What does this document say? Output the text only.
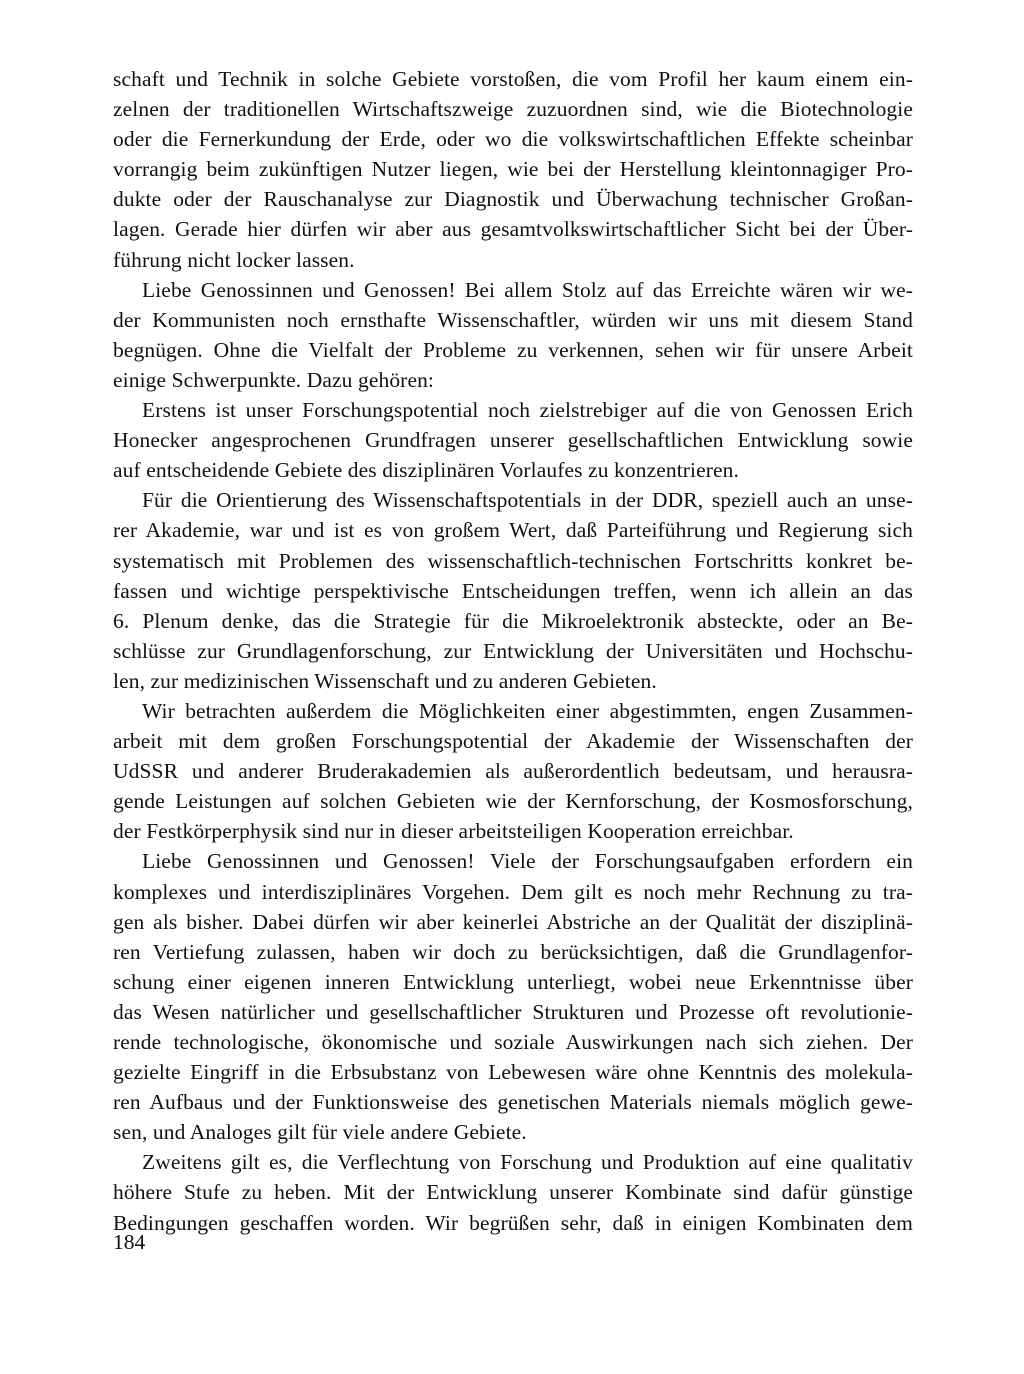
schaft und Technik in solche Gebiete vorstoßen, die vom Profil her kaum einem ein-
zelnen der traditionellen Wirtschaftszweige zuzuordnen sind, wie die Biotechnologie
oder die Fernerkundung der Erde, oder wo die volkswirtschaftlichen Effekte scheinbar
vorrangig beim zukünftigen Nutzer liegen, wie bei der Herstellung kleintonnagiger Pro-
dukte oder der Rauschanalyse zur Diagnostik und Überwachung technischer Großan-
lagen. Gerade hier dürfen wir aber aus gesamtvolkswirtschaftlicher Sicht bei der Über-
führung nicht locker lassen.
Liebe Genossinnen und Genossen! Bei allem Stolz auf das Erreichte wären wir we-
der Kommunisten noch ernsthafte Wissenschaftler, würden wir uns mit diesem Stand
begnügen. Ohne die Vielfalt der Probleme zu verkennen, sehen wir für unsere Arbeit
einige Schwerpunkte. Dazu gehören:
Erstens ist unser Forschungspotential noch zielstrebiger auf die von Genossen Erich
Honecker angesprochenen Grundfragen unserer gesellschaftlichen Entwicklung sowie
auf entscheidende Gebiete des disziplinären Vorlaufes zu konzentrieren.
Für die Orientierung des Wissenschaftspotentials in der DDR, speziell auch an unse-
rer Akademie, war und ist es von großem Wert, daß Parteiführung und Regierung sich
systematisch mit Problemen des wissenschaftlich-technischen Fortschritts konkret be-
fassen und wichtige perspektivische Entscheidungen treffen, wenn ich allein an das
6. Plenum denke, das die Strategie für die Mikroelektronik absteckte, oder an Be-
schlüsse zur Grundlagenforschung, zur Entwicklung der Universitäten und Hochschu-
len, zur medizinischen Wissenschaft und zu anderen Gebieten.
Wir betrachten außerdem die Möglichkeiten einer abgestimmten, engen Zusammen-
arbeit mit dem großen Forschungspotential der Akademie der Wissenschaften der
UdSSR und anderer Bruderakademien als außerordentlich bedeutsam, und herausra-
gende Leistungen auf solchen Gebieten wie der Kernforschung, der Kosmosforschung,
der Festkörperphysik sind nur in dieser arbeitsteiligen Kooperation erreichbar.
Liebe Genossinnen und Genossen! Viele der Forschungsaufgaben erfordern ein
komplexes und interdisziplinäres Vorgehen. Dem gilt es noch mehr Rechnung zu tra-
gen als bisher. Dabei dürfen wir aber keinerlei Abstriche an der Qualität der disziplinä-
ren Vertiefung zulassen, haben wir doch zu berücksichtigen, daß die Grundlagenfor-
schung einer eigenen inneren Entwicklung unterliegt, wobei neue Erkenntnisse über
das Wesen natürlicher und gesellschaftlicher Strukturen und Prozesse oft revolutionie-
rende technologische, ökonomische und soziale Auswirkungen nach sich ziehen. Der
gezielte Eingriff in die Erbsubstanz von Lebewesen wäre ohne Kenntnis des molekula-
ren Aufbaus und der Funktionsweise des genetischen Materials niemals möglich gewe-
sen, und Analoges gilt für viele andere Gebiete.
Zweitens gilt es, die Verflechtung von Forschung und Produktion auf eine qualitativ
höhere Stufe zu heben. Mit der Entwicklung unserer Kombinate sind dafür günstige
Bedingungen geschaffen worden. Wir begrüßen sehr, daß in einigen Kombinaten dem
184
